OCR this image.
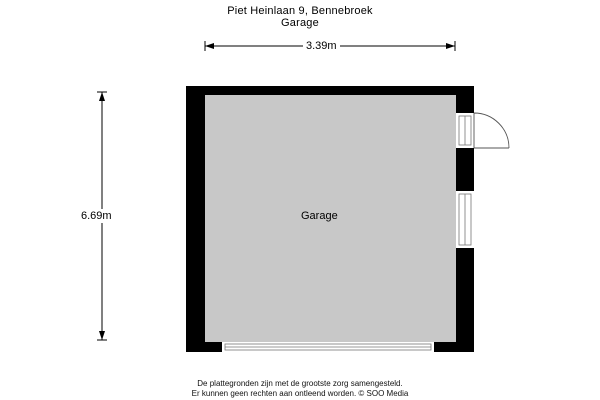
Piet Heinlaan 9, Bennebroek
Garage
3.39m
6.69m	Garage
De plattegronden zijn met de grootste zorg samengesteld.
Er kunnen geen rechten aan ontleend worden. © SOO Media
